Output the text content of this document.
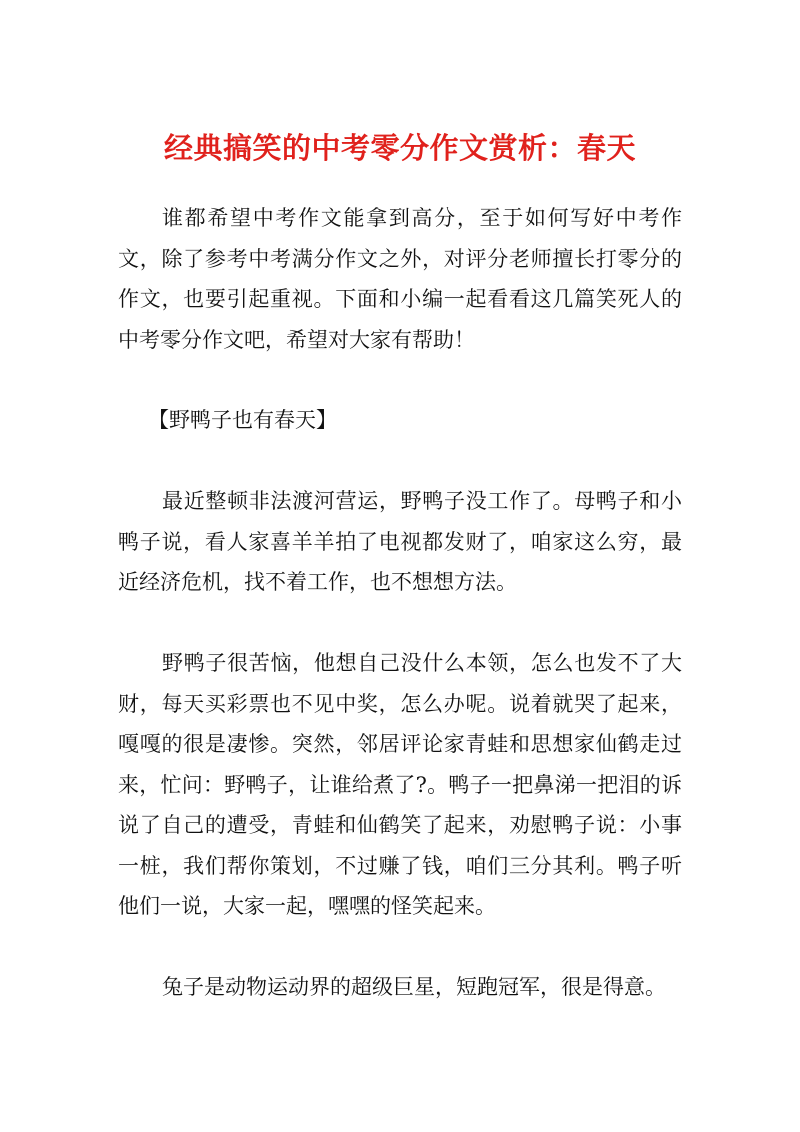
经典搞笑的中考零分作文赏析：春天

谁都希望中考作文能拿到高分，至于如何写好中考作文，除了参考中考满分作文之外，对评分老师擅长打零分的作文，也要引起重视。下面和小编一起看看这几篇笑死人的中考零分作文吧，希望对大家有帮助！

【野鸭子也有春天】

最近整顿非法渡河营运，野鸭子没工作了。母鸭子和小鸭子说，看人家喜羊羊拍了电视都发财了，咱家这么穷，最近经济危机，找不着工作，也不想想方法。

野鸭子很苦恼，他想自己没什么本领，怎么也发不了大财，每天买彩票也不见中奖，怎么办呢。说着就哭了起来，嘎嘎的很是凄惨。突然，邻居评论家青蛙和思想家仙鹤走过来，忙问：野鸭子，让谁给煮了?。鸭子一把鼻涕一把泪的诉说了自己的遭受，青蛙和仙鹤笑了起来，劝慰鸭子说：小事一桩，我们帮你策划，不过赚了钱，咱们三分其利。鸭子听他们一说，大家一起，嘿嘿的怪笑起来。

兔子是动物运动界的超级巨星，短跑冠军，很是得意。
